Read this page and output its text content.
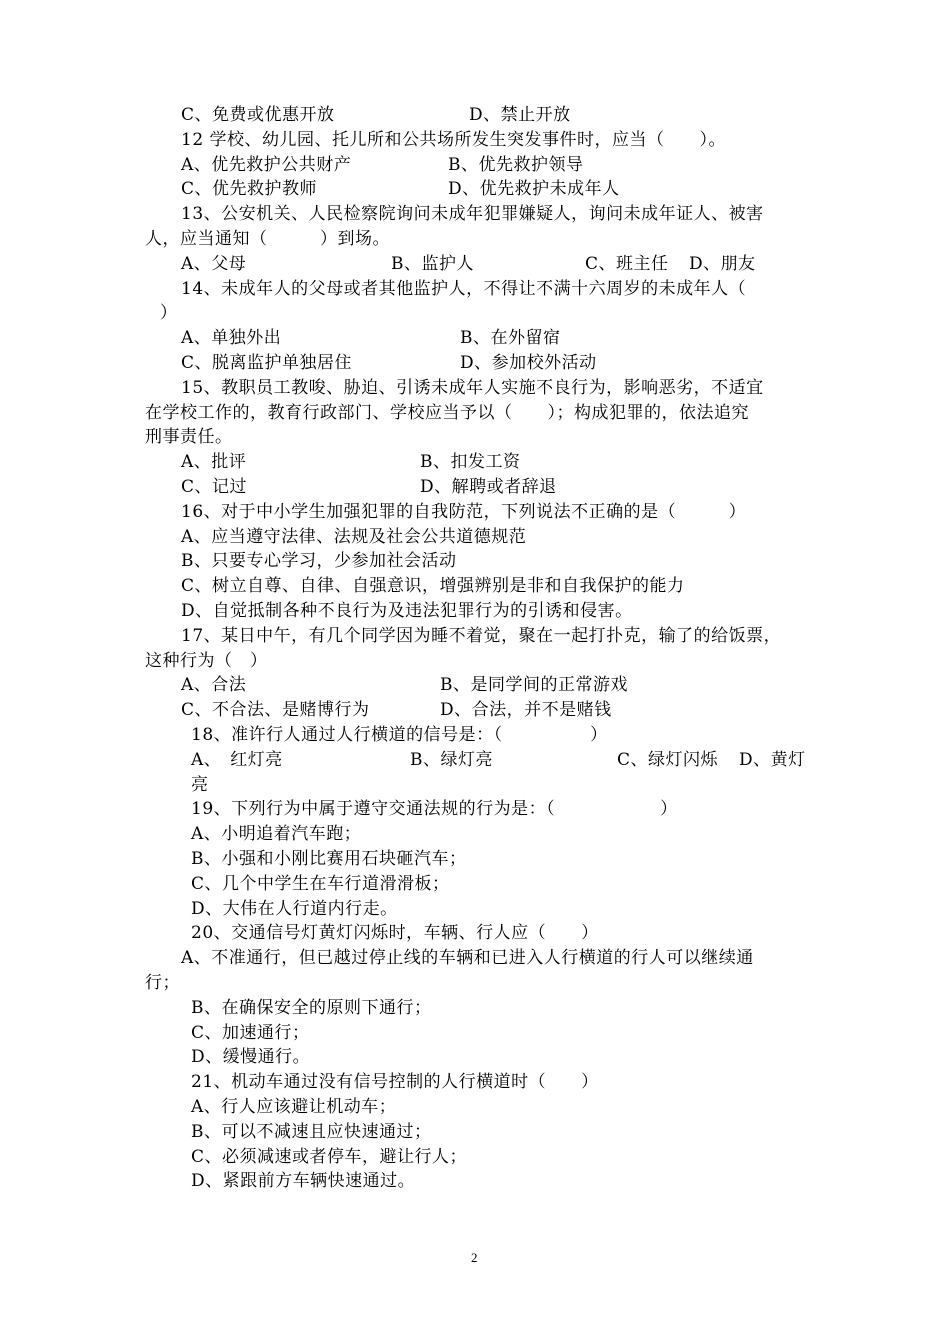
C、免费或优惠开放	D、禁止开放
12 学校、幼儿园、托儿所和公共场所发生突发事件时，应当（　　）。
A、优先救护公共财产	B、优先救护领导
C、优先救护教师	D、优先救护未成年人
13、公安机关、人民检察院询问未成年犯罪嫌疑人，询问未成年证人、被害
人，应当通知（　　　）到场。
A、父母	B、监护人	C、班主任 D、朋友
14、未成年人的父母或者其他监护人，不得让不满十六周岁的未成年人（
）
A、单独外出	B、在外留宿
C、脱离监护单独居住	D、参加校外活动
15、教职员工教唆、胁迫、引诱未成年人实施不良行为，影响恶劣，不适宜
在学校工作的，教育行政部门、学校应当予以（　　）；构成犯罪的，依法追究
刑事责任。
A、批评	B、扣发工资
C、记过	D、解聘或者辞退
16、对于中小学生加强犯罪的自我防范，下列说法不正确的是（　　　）
A、应当遵守法律、法规及社会公共道德规范
B、只要专心学习，少参加社会活动
C、树立自尊、自律、自强意识，增强辨别是非和自我保护的能力
D、自觉抵制各种不良行为及违法犯罪行为的引诱和侵害。
17、某日中午，有几个同学因为睡不着觉，聚在一起打扑克，输了的给饭票，
这种行为（　）
A、合法	B、是同学间的正常游戏
C、不合法、是赌博行为	D、合法，并不是赌钱
18、准许行人通过人行横道的信号是：（　　　　　）
A、　红灯亮	B、绿灯亮	C、绿灯闪烁 D、黄灯
亮
19、下列行为中属于遵守交通法规的行为是：（　　　　　　）
A、小明追着汽车跑；
B、小强和小刚比赛用石块砸汽车；
C、几个中学生在车行道滑滑板；
D、大伟在人行道内行走。
20、交通信号灯黄灯闪烁时，车辆、行人应（　　）
A、不准通行，但已越过停止线的车辆和已进入人行横道的行人可以继续通
行；
B、在确保安全的原则下通行；
C、加速通行；
D、缓慢通行。
21、机动车通过没有信号控制的人行横道时（　　）
A、行人应该避让机动车；
B、可以不减速且应快速通过；
C、必须减速或者停车，避让行人；
D、紧跟前方车辆快速通过。
2
